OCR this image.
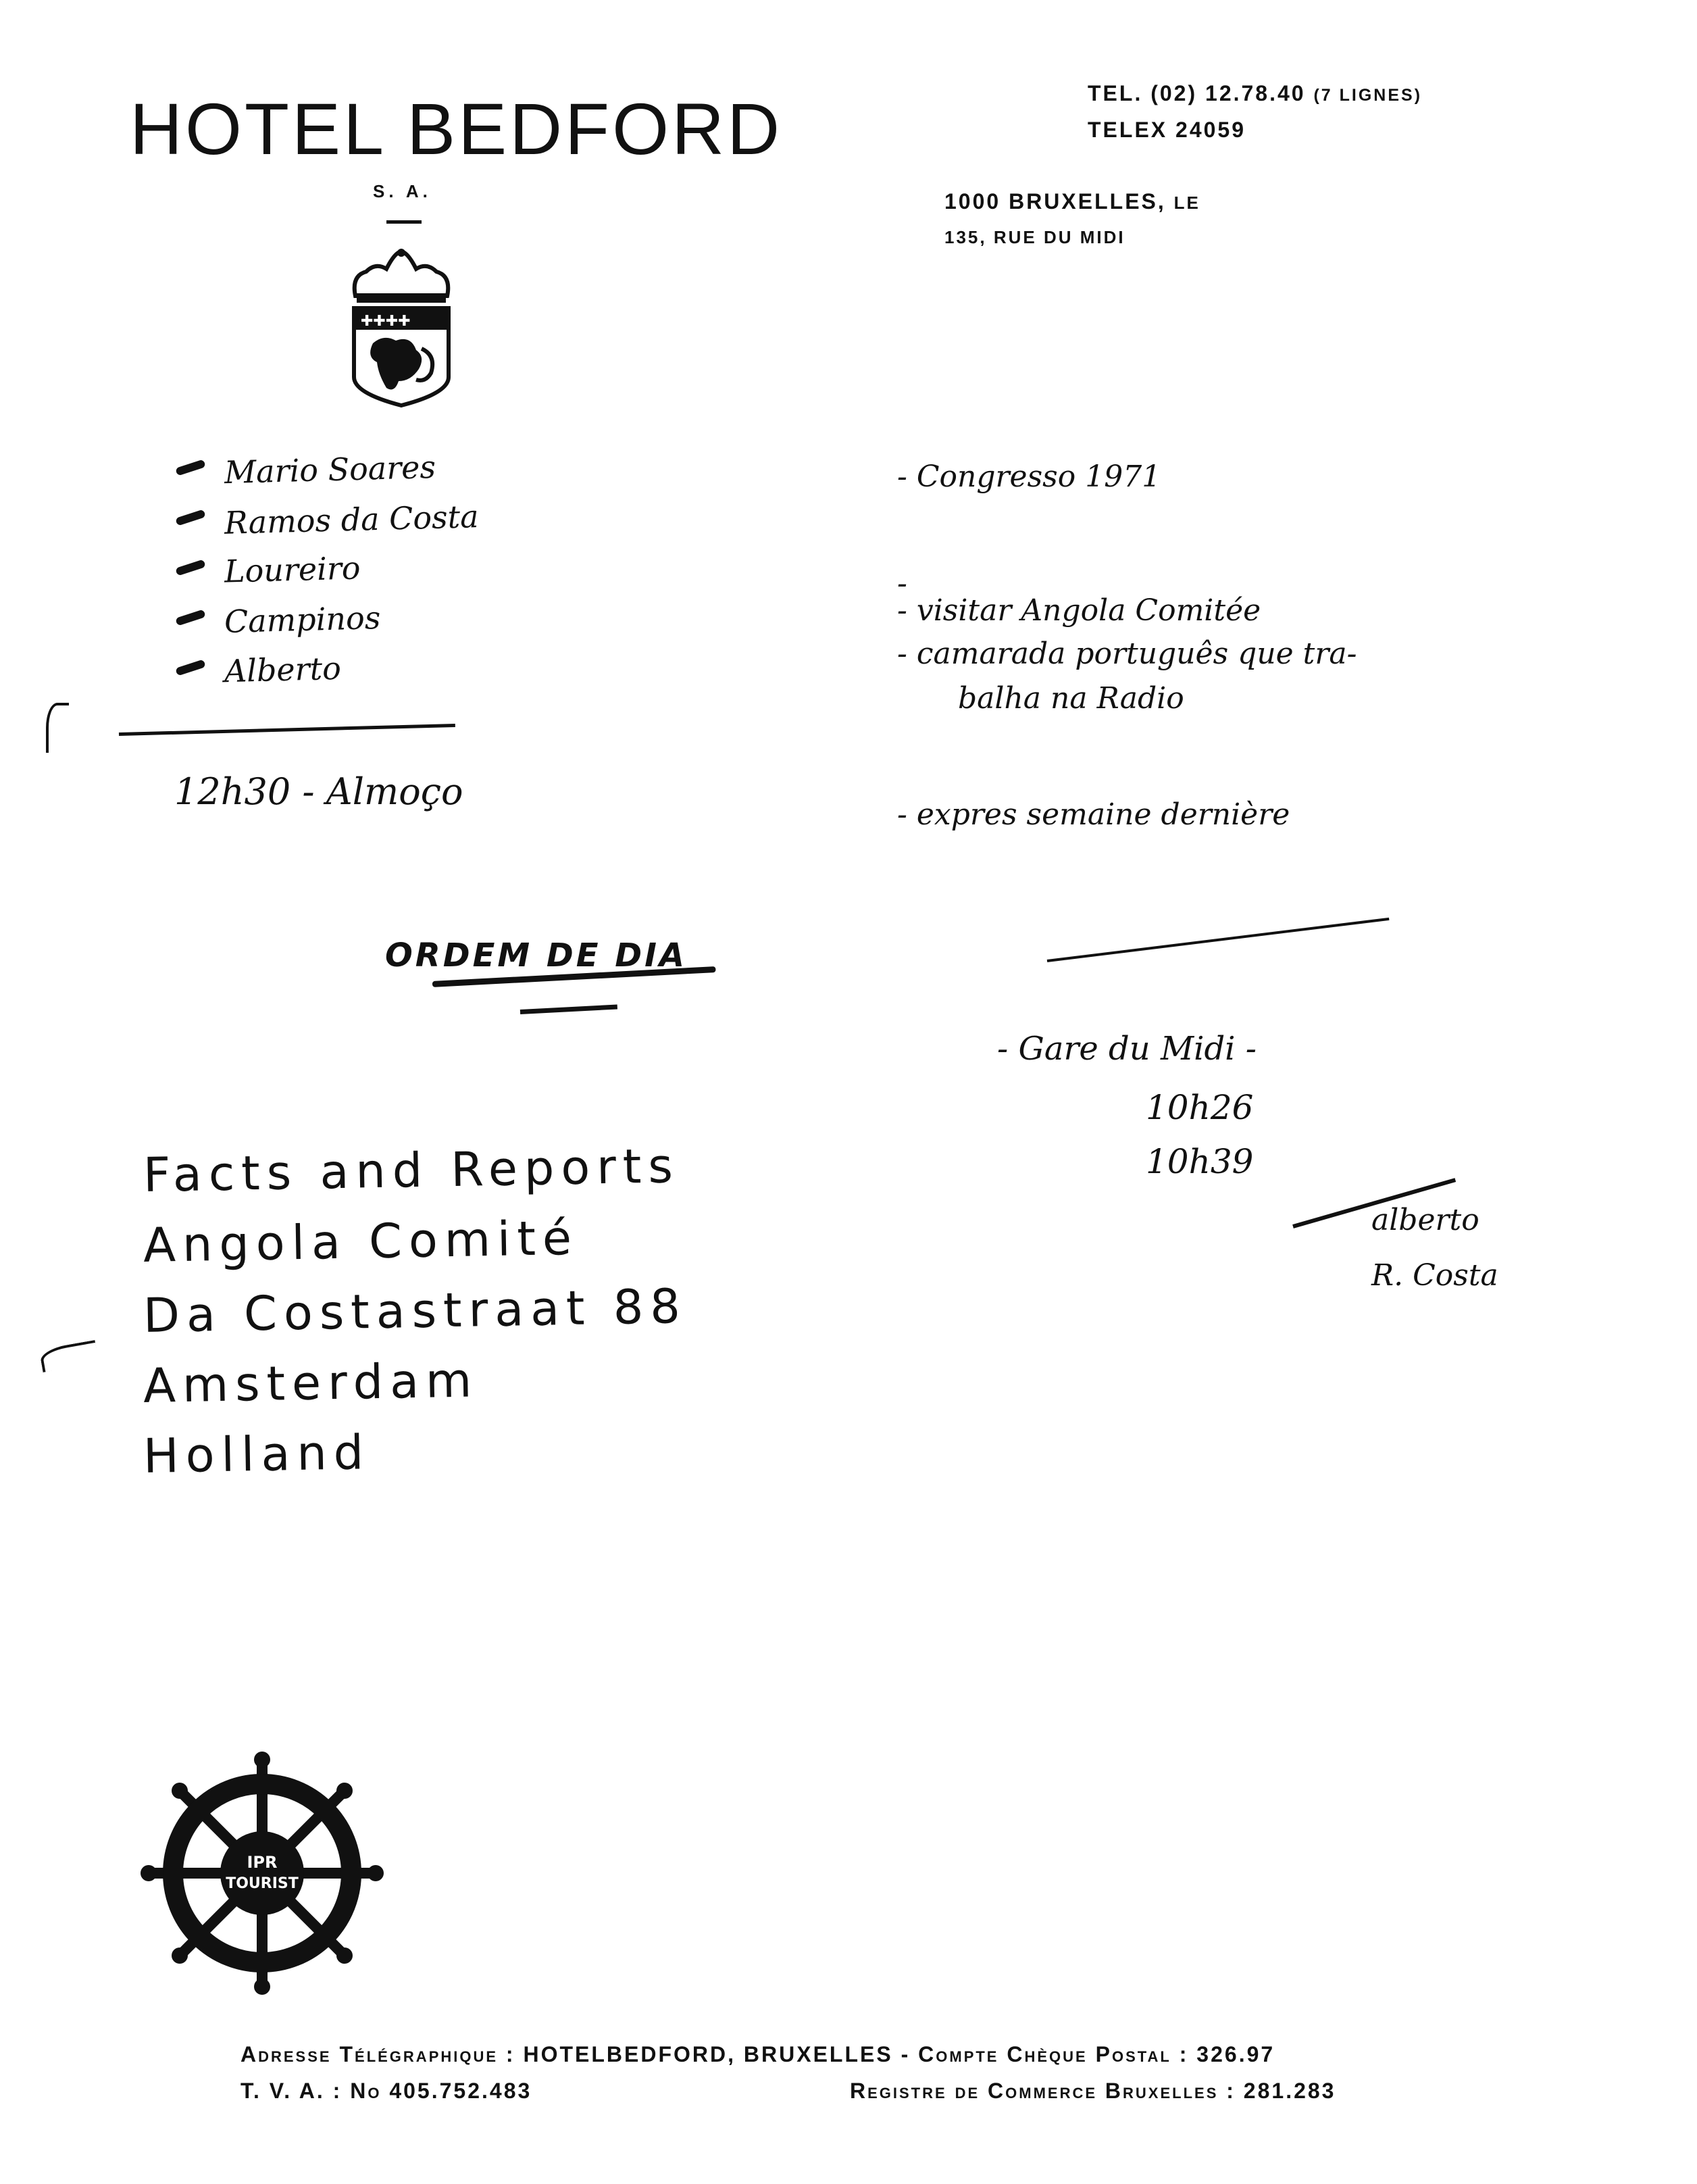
HOTEL BEDFORD
S. A.
✚✚✚✚
TEL. (02) 12.78.40 (7 LIGNES)
TELEX 24059
1000 BRUXELLES, LE
135, RUE DU MIDI
Mario Soares
Ramos da Costa
Loureiro
Campinos
Alberto
12h30 - Almoço
ORDEM DE DIA
Facts and Reports
Angola Comité
Da Costastraat 88
Amsterdam
Holland
- Congresso 1971
-
- visitar Angola Comitée
- camarada português que tra-
balha na Radio
- expres semaine dernière
- Gare du Midi -
10h26
10h39
alberto
R. Costa
IPR
TOURIST
Adresse Télégraphique : HOTELBEDFORD, BRUXELLES - Compte Chèque Postal : 326.97
T. V. A. : No 405.752.483	Registre de Commerce Bruxelles : 281.283
